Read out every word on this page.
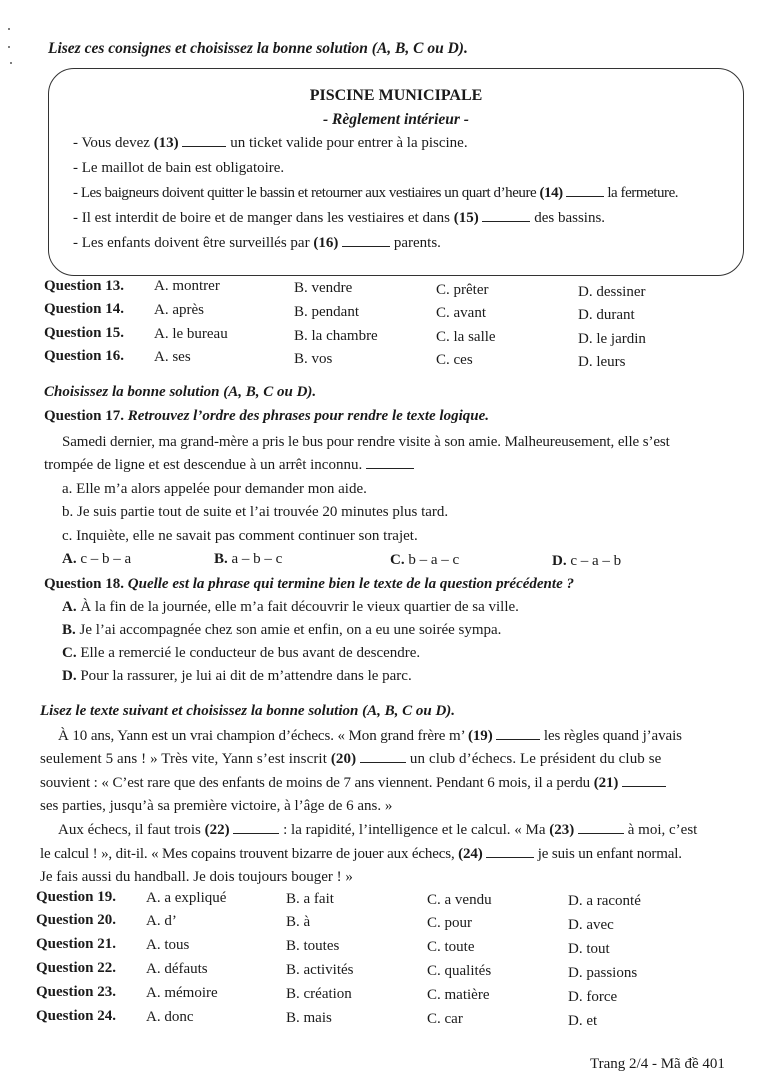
Lisez ces consignes et choisissez la bonne solution (A, B, C ou D).
PISCINE MUNICIPALE
- Règlement intérieur -
- Vous devez (13)	un ticket valide pour entrer à la piscine.
- Le maillot de bain est obligatoire.
- Les baigneurs doivent quitter le bassin et retourner aux vestiaires un quart d’heure (14)	la fermeture.
- Il est interdit de boire et de manger dans les vestiaires et dans (15)	des bassins.
- Les enfants doivent être surveillés par (16)	parents.
Question 13. A. montrer	B. vendre	C. prêter	D. dessiner
Question 14. A. après	B. pendant	C. avant	D. durant
Question 15. A. le bureau	B. la chambre	C. la salle	D. le jardin
Question 16. A. ses	B. vos	C. ces	D. leurs
Choisissez la bonne solution (A, B, C ou D).
Question 17. Retrouvez l’ordre des phrases pour rendre le texte logique.
Samedi dernier, ma grand-mère a pris le bus pour rendre visite à son amie. Malheureusement, elle s’est
trompée de ligne et est descendue à un arrêt inconnu.
a. Elle m’a alors appelée pour demander mon aide.
b. Je suis partie tout de suite et l’ai trouvée 20 minutes plus tard.
c. Inquiète, elle ne savait pas comment continuer son trajet.
A. c – b – a	B. a – b – c	C. b – a – c	D. c – a – b
Question 18. Quelle est la phrase qui termine bien le texte de la question précédente ?
A. À la fin de la journée, elle m’a fait découvrir le vieux quartier de sa ville.
B. Je l’ai accompagnée chez son amie et enfin, on a eu une soirée sympa.
C. Elle a remercié le conducteur de bus avant de descendre.
D. Pour la rassurer, je lui ai dit de m’attendre dans le parc.
Lisez le texte suivant et choisissez la bonne solution (A, B, C ou D).
À 10 ans, Yann est un vrai champion d’échecs. « Mon grand frère m’ (19)	les règles quand j’avais
seulement 5 ans ! » Très vite, Yann s’est inscrit (20)	un club d’échecs. Le président du club se
souvient : « C’est rare que des enfants de moins de 7 ans viennent. Pendant 6 mois, il a perdu (21)
ses parties, jusqu’à sa première victoire, à l’âge de 6 ans. »
Aux échecs, il faut trois (22)	: la rapidité, l’intelligence et le calcul. « Ma (23)	à moi, c’est
le calcul ! », dit-il. « Mes copains trouvent bizarre de jouer aux échecs, (24)	je suis un enfant normal.
Je fais aussi du handball. Je dois toujours bouger ! »
Question 19. A. a expliqué	B. a fait	C. a vendu	D. a raconté
Question 20. A. d’	B. à	C. pour	D. avec
Question 21. A. tous	B. toutes	C. toute	D. tout
Question 22. A. défauts	B. activités	C. qualités	D. passions
Question 23. A. mémoire	B. création	C. matière	D. force
Question 24. A. donc	B. mais	C. car	D. et
Trang 2/4 - Mã đề 401
